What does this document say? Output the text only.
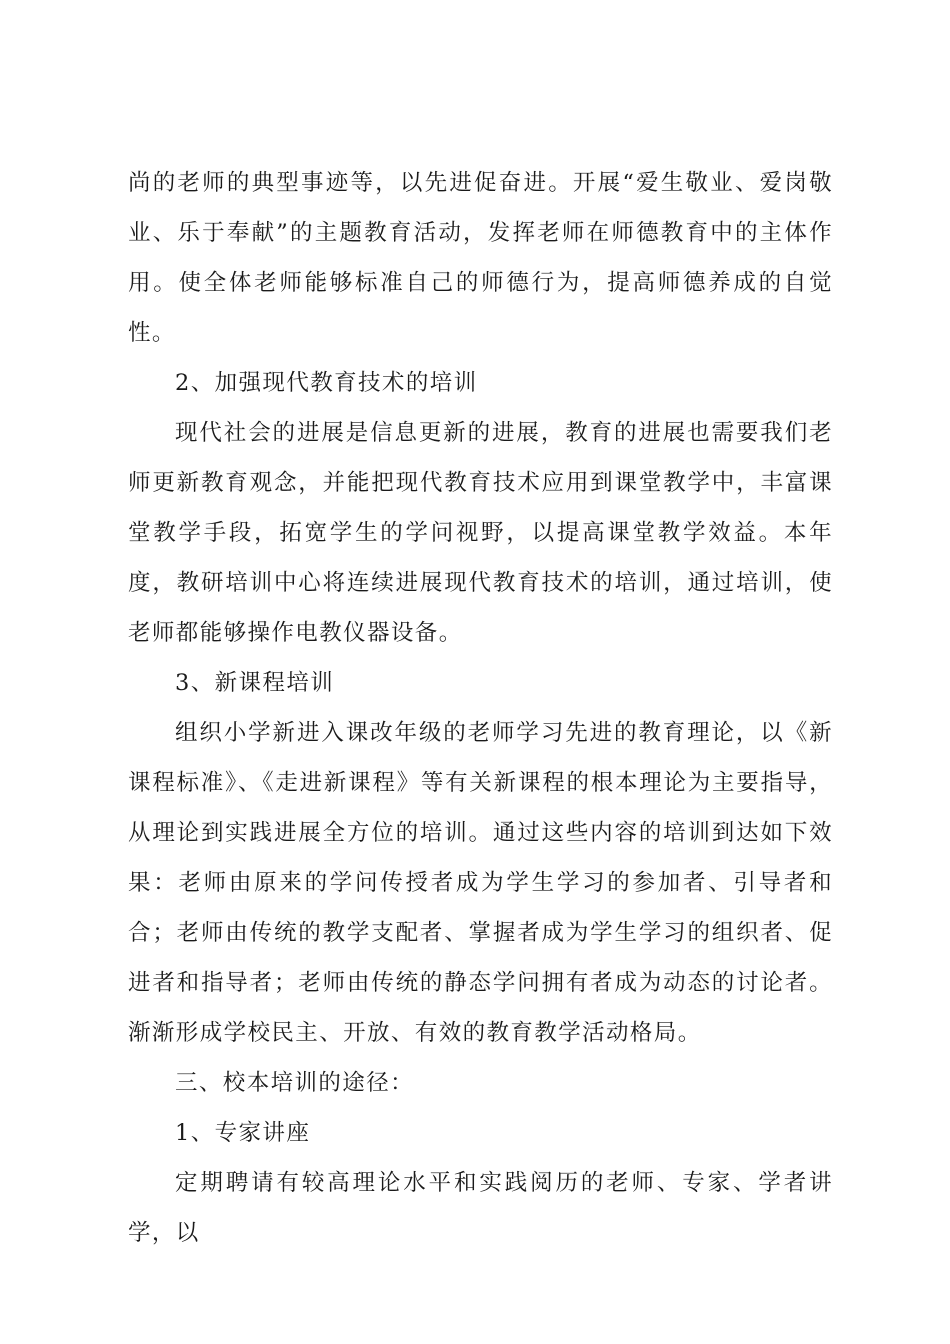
尚的老师的典型事迹等，以先进促奋进。开展“爱生敬业、爱岗敬业、乐于奉献”的主题教育活动，发挥老师在师德教育中的主体作用。使全体老师能够标准自己的师德行为，提高师德养成的自觉性。

2、加强现代教育技术的培训

现代社会的进展是信息更新的进展，教育的进展也需要我们老师更新教育观念，并能把现代教育技术应用到课堂教学中，丰富课堂教学手段，拓宽学生的学问视野，以提高课堂教学效益。本年度，教研培训中心将连续进展现代教育技术的培训，通过培训，使老师都能够操作电教仪器设备。

3、新课程培训

组织小学新进入课改年级的老师学习先进的教育理论，以《新课程标准》、《走进新课程》等有关新课程的根本理论为主要指导，从理论到实践进展全方位的培训。通过这些内容的培训到达如下效果：老师由原来的学问传授者成为学生学习的参加者、引导者和合；老师由传统的教学支配者、掌握者成为学生学习的组织者、促进者和指导者；老师由传统的静态学问拥有者成为动态的讨论者。渐渐形成学校民主、开放、有效的教育教学活动格局。

三、校本培训的途径：

1、专家讲座

定期聘请有较高理论水平和实践阅历的老师、专家、学者讲学，以
